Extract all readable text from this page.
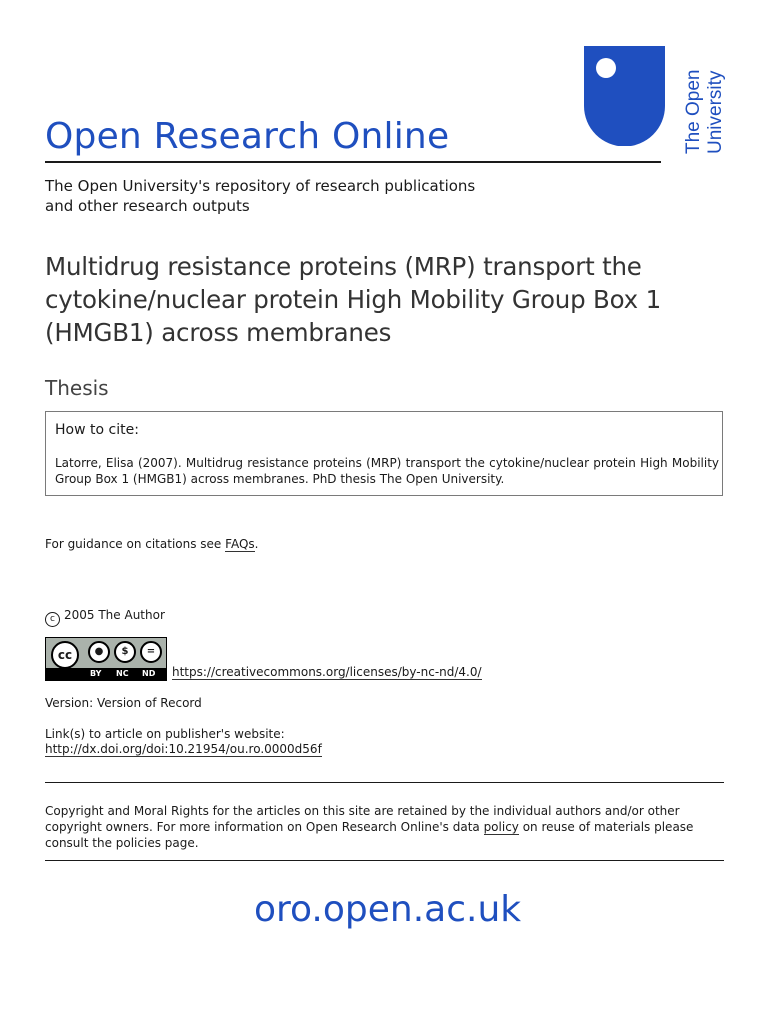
The Open University
Open Research Online
The Open University's repository of research publications
and other research outputs
Multidrug resistance proteins (MRP) transport the
cytokine/nuclear protein High Mobility Group Box 1
(HMGB1) across membranes
Thesis
How to cite:
Latorre, Elisa (2007). Multidrug resistance proteins (MRP) transport the cytokine/nuclear protein High Mobility Group Box 1 (HMGB1) across membranes. PhD thesis The Open University.
For guidance on citations see FAQs.
c 2005 The Author
cc	●	$	=
BY NC ND https://creativecommons.org/licenses/by-nc-nd/4.0/
Version: Version of Record
Link(s) to article on publisher's website:
http://dx.doi.org/doi:10.21954/ou.ro.0000d56f
Copyright and Moral Rights for the articles on this site are retained by the individual authors and/or other copyright owners. For more information on Open Research Online's data policy on reuse of materials please consult the policies page.
oro.open.ac.uk
